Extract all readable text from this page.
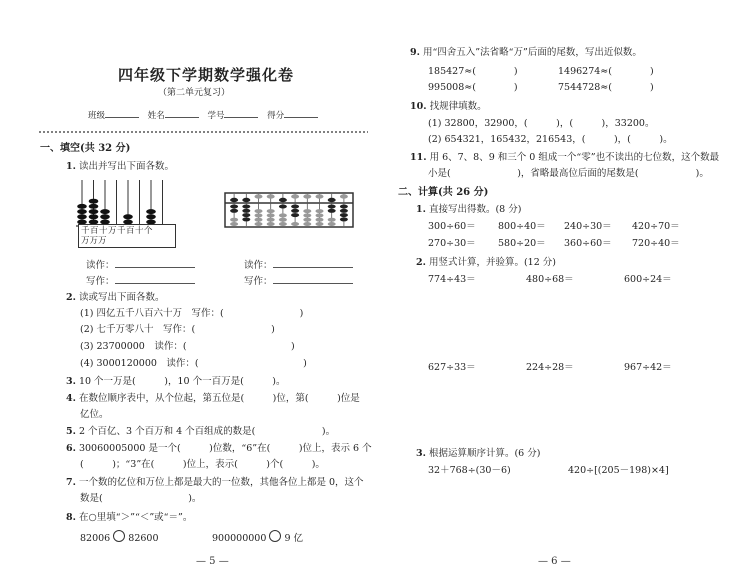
四年级下学期数学强化卷
（第二单元复习）
班级	姓名	学号	得分
一、填空(共 32 分)
1. 读出并写出下面各数。
千百十万千百十个
万万万
读作：
写作：
读作：
写作：
2. 读或写出下面各数。
(1) 四亿五千八百六十万　写作：(　　　　　　　　)
(2) 七千万零八十　写作：(　　　　　　　　)
(3) 23700000　读作：(　　　　　　　　　　　)
(4) 3000120000　读作：(　　　　　　　　　　　)
3. 10 个一万是(　　　)，10 个一百万是(　　　)。
4. 在数位顺序表中，从个位起，第五位是(　　　)位，第(　　　)位是
亿位。
5. 2 个百亿、3 个百万和 4 个百组成的数是(　　　　　　　)。
6. 30060005000 是一个(　　　)位数，“6”在(　　　)位上，表示 6 个
(　　　)；“3”在(　　　)位上，表示(　　　)个(　　　)。
7. 一个数的亿位和万位上都是最大的一位数，其他各位上都是 0，这个
数是(　　　　　　　　　)。
8. 在○里填“＞”“＜”或“＝”。
82006 82600	900000000 9 亿
— 5 —
9. 用“四舍五入”法省略“万”后面的尾数，写出近似数。
185427≈(　　　　)	1496274≈(　　　　)
995008≈(　　　　)	7544728≈(　　　　)
10. 找规律填数。
(1) 32800，32900，(　　　)，(　　　)，33200。
(2) 654321，165432，216543，(　　　)，(　　　)。
11. 用 6、7、8、9 和三个 0 组成一个“零”也不读出的七位数，这个数最
小是(　　　　　　　)，省略最高位后面的尾数是(　　　　　　)。
二、计算(共 26 分)
1. 直接写出得数。(8 分)
300÷60＝ 800÷40＝ 240÷30＝ 420÷70＝
270÷30＝ 580÷20＝ 360÷60＝ 720÷40＝
2. 用竖式计算，并验算。(12 分)
774÷43＝	480÷68＝	600÷24＝
627÷33＝	224÷28＝	967÷42＝
3. 根据运算顺序计算。(6 分)
32＋768÷(30－6)	420÷[(205－198)×4]
— 6 —
